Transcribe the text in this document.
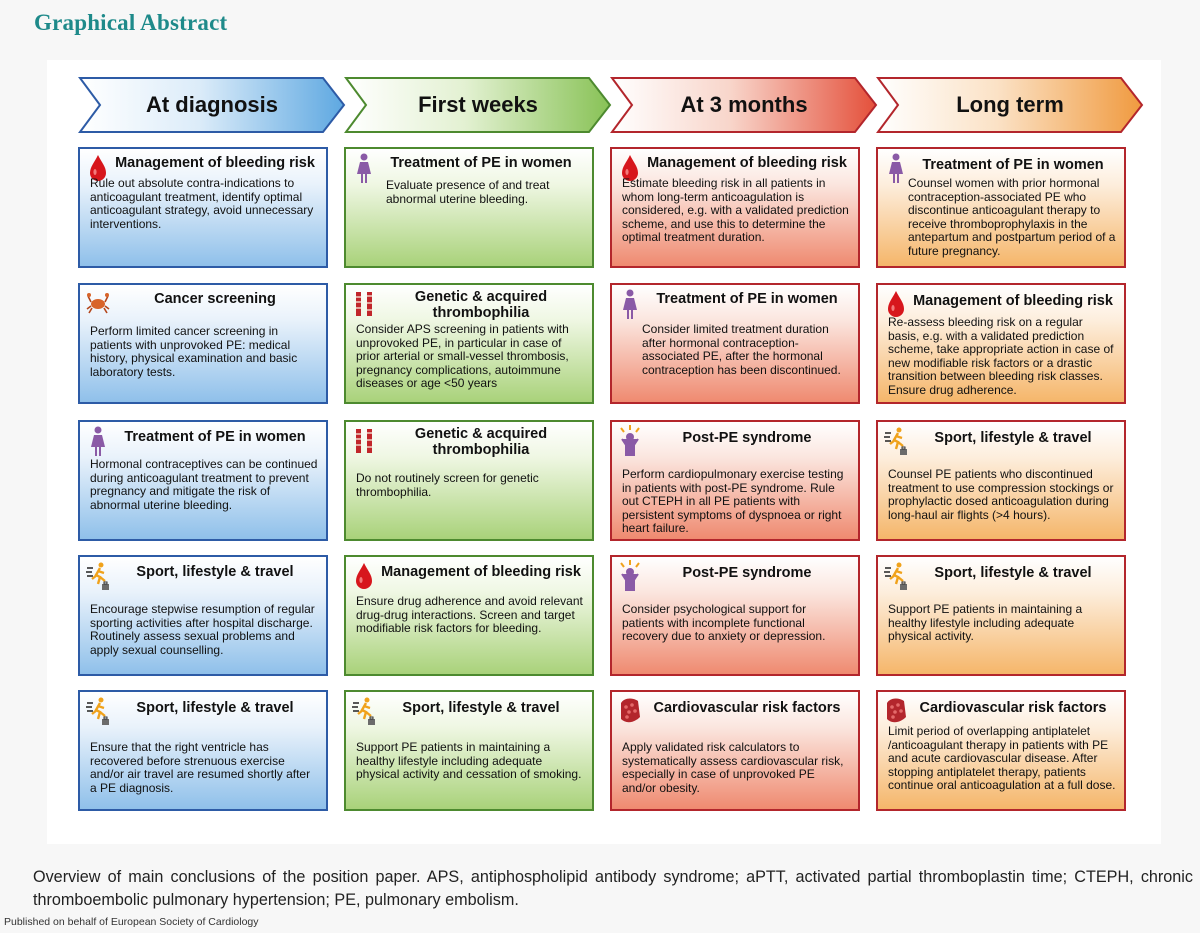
Graphical Abstract
At diagnosis	First weeks	At 3 months	Long term
Management of bleeding risk
Rule out absolute contra-indications to anticoagulant treatment, identify optimal anticoagulant strategy, avoid unnecessary interventions.
Cancer screening
Perform limited cancer screening in patients with unprovoked PE: medical history, physical examination and basic laboratory tests.
Treatment of PE in women
Hormonal contraceptives can be continued during anticoagulant treatment to prevent pregnancy and mitigate the risk of abnormal uterine bleeding.
Sport, lifestyle & travel
Encourage stepwise resumption of regular sporting activities after hospital discharge. Routinely assess sexual problems and apply sexual counselling.
Sport, lifestyle & travel
Ensure that the right ventricle has recovered before strenuous exercise and/or air travel are resumed shortly after a PE diagnosis.
Treatment of PE in women
Evaluate presence of and treat abnormal uterine bleeding.
Genetic & acquired thrombophilia
Consider APS screening in patients with unprovoked PE, in particular in case of prior arterial or small-vessel thrombosis, pregnancy complications, autoimmune diseases or age <50 years
Genetic & acquired thrombophilia
Do not routinely screen for genetic thrombophilia.
Management of bleeding risk
Ensure drug adherence and avoid relevant drug-drug interactions. Screen and target modifiable risk factors for bleeding.
Sport, lifestyle & travel
Support PE patients in maintaining a healthy lifestyle including adequate physical activity and cessation of smoking.
Management of bleeding risk
Estimate bleeding risk in all patients in whom long-term anticoagulation is considered, e.g. with a validated prediction scheme, and use this to determine the optimal treatment duration.
Treatment of PE in women
Consider limited treatment duration after hormonal contraception-associated PE, after the hormonal contraception has been discontinued.
Post-PE syndrome
Perform cardiopulmonary exercise testing in patients with post-PE syndrome. Rule out CTEPH in all PE patients with persistent symptoms of dyspnoea or right heart failure.
Post-PE syndrome
Consider psychological support for patients with incomplete functional recovery due to anxiety or depression.
Cardiovascular risk factors
Apply validated risk calculators to systematically assess cardiovascular risk, especially in case of unprovoked PE and/or obesity.
Treatment of PE in women
Counsel women with prior hormonal contraception-associated PE who discontinue anticoagulant therapy to receive thromboprophylaxis in the antepartum and postpartum period of a future pregnancy.
Management of bleeding risk
Re-assess bleeding risk on a regular basis, e.g. with a validated prediction scheme, take appropriate action in case of new modifiable risk factors or a drastic transition between bleeding risk classes. Ensure drug adherence.
Sport, lifestyle & travel
Counsel PE patients who discontinued treatment to use compression stockings or prophylactic dosed anticoagulation during long-haul air flights (>4 hours).
Sport, lifestyle & travel
Support PE patients in maintaining a healthy lifestyle including adequate physical activity.
Cardiovascular risk factors
Limit period of overlapping antiplatelet /anticoagulant therapy in patients with PE and acute cardiovascular disease. After stopping antiplatelet therapy, patients continue oral anticoagulation at a full dose.
Overview of main conclusions of the position paper. APS, antiphospholipid antibody syndrome; aPTT, activated partial thromboplastin time; CTEPH, chronic thromboembolic pulmonary hypertension; PE, pulmonary embolism.
Published on behalf of European Society of Cardiology
